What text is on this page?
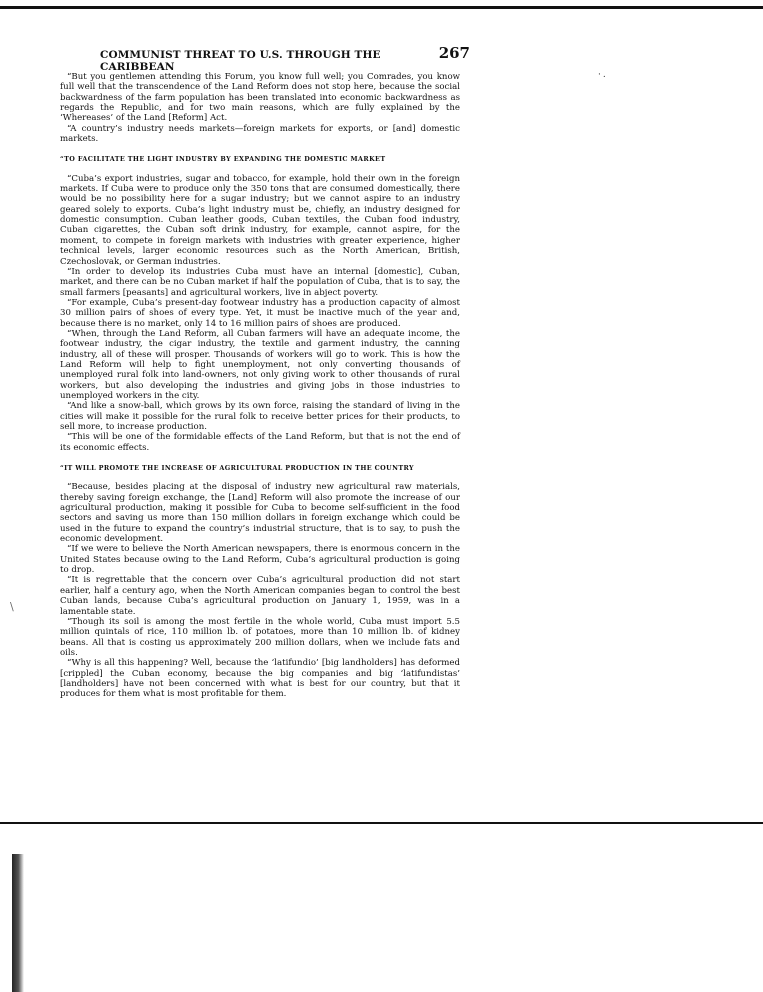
COMMUNIST THREAT TO U.S. THROUGH THE CARIBBEAN
267
·.
\

“But you gentlemen attending this Forum, you know full well; you Comrades, you know full well that the transcendence of the Land Reform does not stop here, because the social backwardness of the farm population has been translated into economic backwardness as regards the Republic, and for two main reasons, which are fully explained by the ‘Whereases’ of the Land [Reform] Act.

“A country’s industry needs markets—foreign markets for exports, or [and] domestic markets.

“TO FACILITATE THE LIGHT INDUSTRY BY EXPANDING THE DOMESTIC MARKET

“Cuba’s export industries, sugar and tobacco, for example, hold their own in the foreign markets. If Cuba were to produce only the 350 tons that are consumed domestically, there would be no possibility here for a sugar industry; but we cannot aspire to an industry geared solely to exports. Cuba’s light industry must be, chiefly, an industry designed for domestic consumption. Cuban leather goods, Cuban textiles, the Cuban food industry, Cuban cigarettes, the Cuban soft drink industry, for example, cannot aspire, for the moment, to compete in foreign markets with industries with greater experience, higher technical levels, larger economic resources such as the North American, British, Czechoslovak, or German industries.

“In order to develop its industries Cuba must have an internal [domestic], Cuban, market, and there can be no Cuban market if half the population of Cuba, that is to say, the small farmers [peasants] and agricultural workers, live in abject poverty.

“For example, Cuba’s present-day footwear industry has a production capacity of almost 30 million pairs of shoes of every type. Yet, it must be inactive much of the year and, because there is no market, only 14 to 16 million pairs of shoes are produced.

“When, through the Land Reform, all Cuban farmers will have an adequate income, the footwear industry, the cigar industry, the textile and garment industry, the canning industry, all of these will prosper. Thousands of workers will go to work. This is how the Land Reform will help to fight unemployment, not only converting thousands of unemployed rural folk into land-owners, not only giving work to other thousands of rural workers, but also developing the industries and giving jobs in those industries to unemployed workers in the city.

“And like a snow-ball, which grows by its own force, raising the standard of living in the cities will make it possible for the rural folk to receive better prices for their products, to sell more, to increase production.

“This will be one of the formidable effects of the Land Reform, but that is not the end of its economic effects.

“IT WILL PROMOTE THE INCREASE OF AGRICULTURAL PRODUCTION IN THE COUNTRY

“Because, besides placing at the disposal of industry new agricultural raw materials, thereby saving foreign exchange, the [Land] Reform will also promote the increase of our agricultural production, making it possible for Cuba to become self-sufficient in the food sectors and saving us more than 150 million dollars in foreign exchange which could be used in the future to expand the country’s industrial structure, that is to say, to push the economic development.

“If we were to believe the North American newspapers, there is enormous concern in the United States because owing to the Land Reform, Cuba’s agricultural production is going to drop.

“It is regrettable that the concern over Cuba’s agricultural production did not start earlier, half a century ago, when the North American companies began to control the best Cuban lands, because Cuba’s agricultural production on January 1, 1959, was in a lamentable state.

“Though its soil is among the most fertile in the whole world, Cuba must import 5.5 million quintals of rice, 110 million lb. of potatoes, more than 10 million lb. of kidney beans. All that is costing us approximately 200 million dollars, when we include fats and oils.

“Why is all this happening? Well, because the ‘latifundio’ [big landholders] has deformed [crippled] the Cuban economy, because the big companies and big ‘latifundistas’ [landholders] have not been concerned with what is best for our country, but that it produces for them what is most profitable for them.
